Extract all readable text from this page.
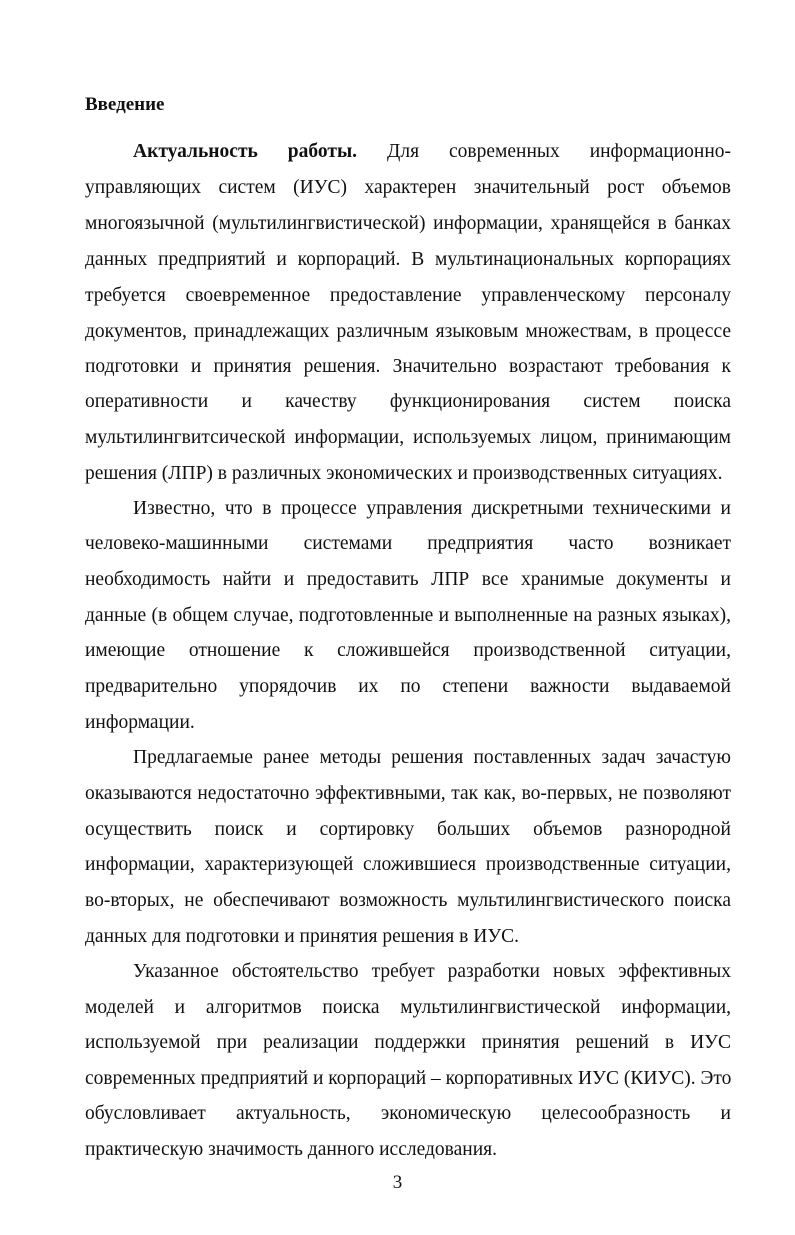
Введение
Актуальность работы. Для современных информационно-
управляющих систем (ИУС) характерен значительный рост объемов
многоязычной (мультилингвистической) информации, хранящейся в банках
данных предприятий и корпораций. В мультинациональных корпорациях
требуется своевременное предоставление управленческому персоналу
документов, принадлежащих различным языковым множествам, в процессе
подготовки и принятия решения. Значительно возрастают требования к
оперативности и качеству функционирования систем поиска
мультилингвитсической информации, используемых лицом, принимающим
решения (ЛПР) в различных экономических и производственных ситуациях.
Известно, что в процессе управления дискретными техническими и
человеко-машинными системами предприятия часто возникает
необходимость найти и предоставить ЛПР все хранимые документы и
данные (в общем случае, подготовленные и выполненные на разных языках),
имеющие отношение к сложившейся производственной ситуации,
предварительно упорядочив их по степени важности выдаваемой
информации.
Предлагаемые ранее методы решения поставленных задач зачастую
оказываются недостаточно эффективными, так как, во-первых, не позволяют
осуществить поиск и сортировку больших объемов разнородной
информации, характеризующей сложившиеся производственные ситуации,
во-вторых, не обеспечивают возможность мультилингвистического поиска
данных для подготовки и принятия решения в ИУС.
Указанное обстоятельство требует разработки новых эффективных
моделей и алгоритмов поиска мультилингвистической информации,
используемой при реализации поддержки принятия решений в ИУС
современных предприятий и корпораций – корпоративных ИУС (КИУС). Это
обусловливает актуальность, экономическую целесообразность и
практическую значимость данного исследования.
3
